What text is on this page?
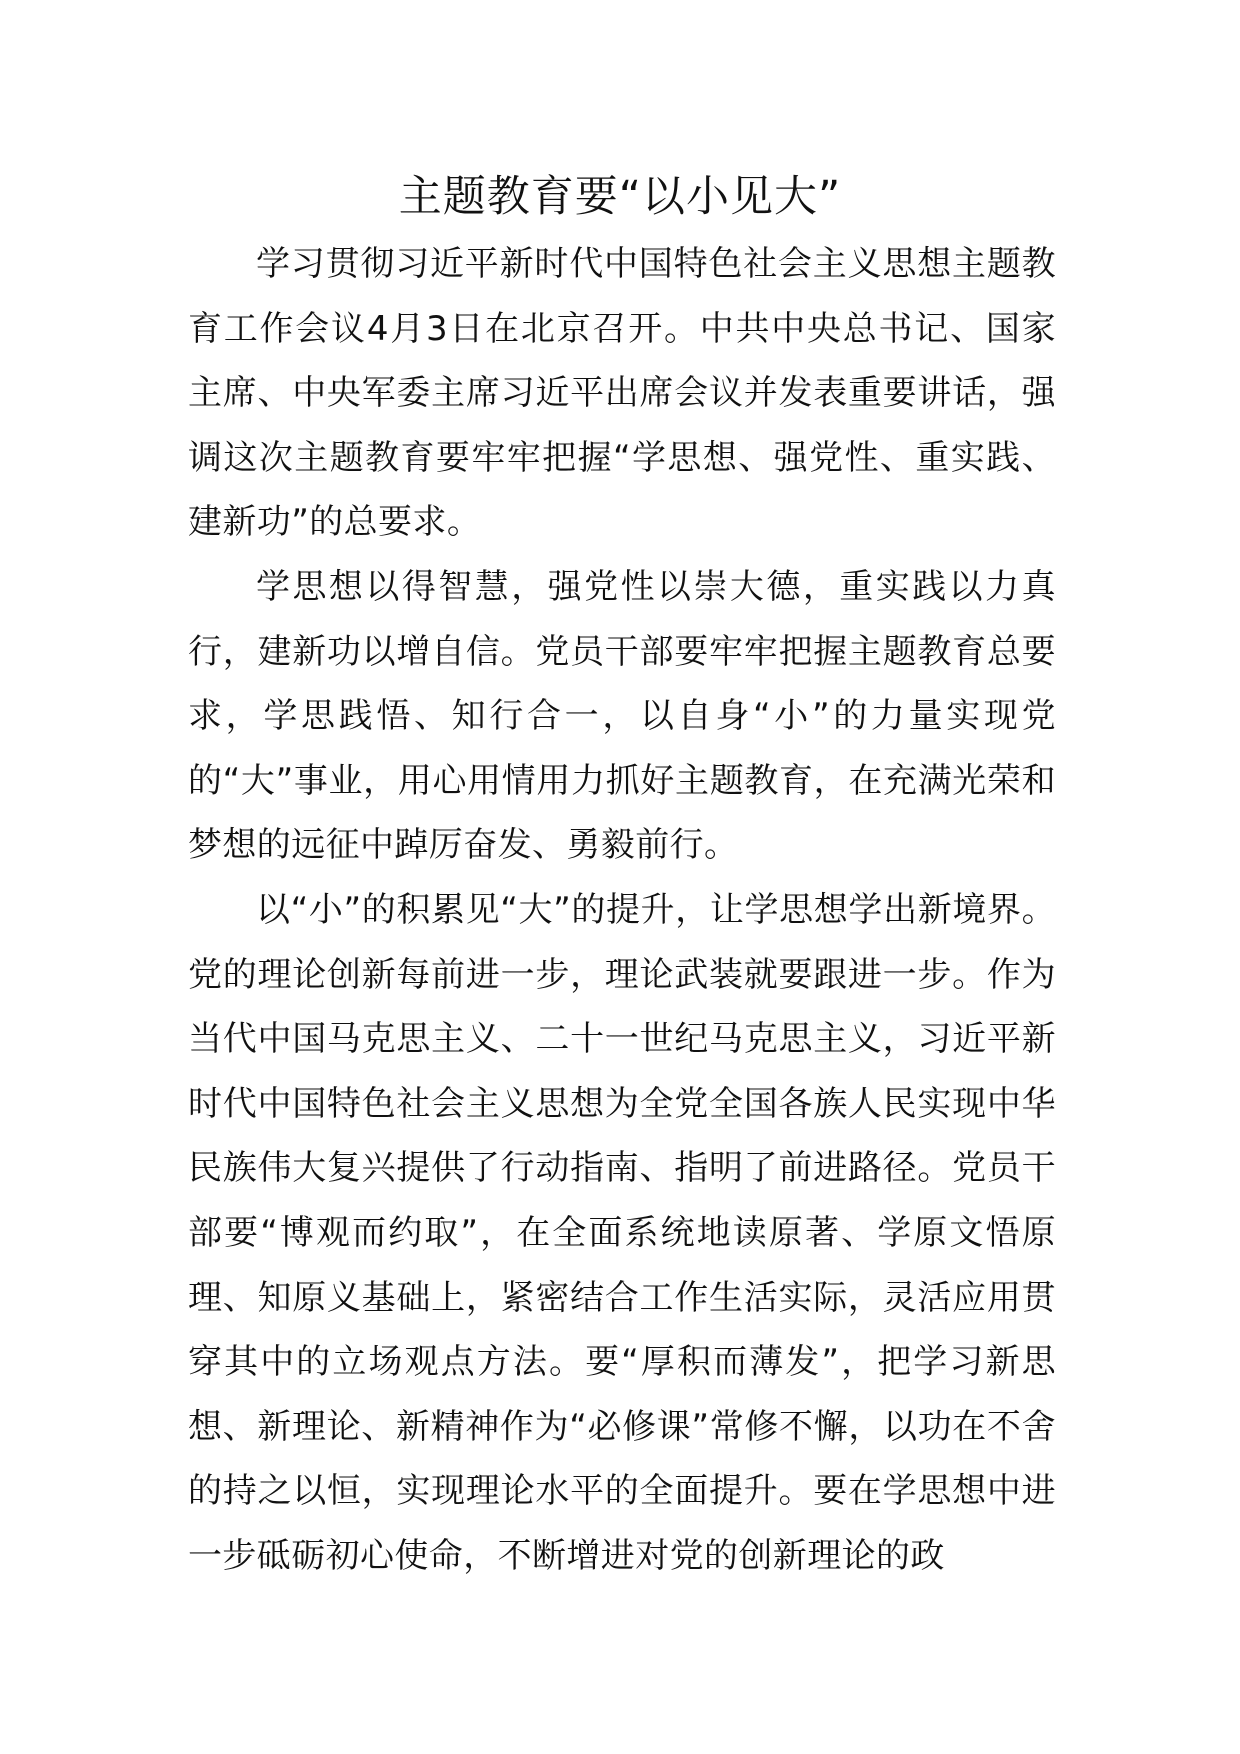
主题教育要“以小见大”

学习贯彻习近平新时代中国特色社会主义思想主题教育工作会议4月3日在北京召开。中共中央总书记、国家主席、中央军委主席习近平出席会议并发表重要讲话，强调这次主题教育要牢牢把握“学思想、强党性、重实践、建新功”的总要求。

学思想以得智慧，强党性以崇大德，重实践以力真行，建新功以增自信。党员干部要牢牢把握主题教育总要求，学思践悟、知行合一，以自身“小”的力量实现党的“大”事业，用心用情用力抓好主题教育，在充满光荣和梦想的远征中踔厉奋发、勇毅前行。

以“小”的积累见“大”的提升，让学思想学出新境界。党的理论创新每前进一步，理论武装就要跟进一步。作为当代中国马克思主义、二十一世纪马克思主义，习近平新时代中国特色社会主义思想为全党全国各族人民实现中华民族伟大复兴提供了行动指南、指明了前进路径。党员干部要“博观而约取”，在全面系统地读原著、学原文悟原理、知原义基础上，紧密结合工作生活实际，灵活应用贯穿其中的立场观点方法。要“厚积而薄发”，把学习新思想、新理论、新精神作为“必修课”常修不懈，以功在不舍的持之以恒，实现理论水平的全面提升。要在学思想中进一步砥砺初心使命，不断增进对党的创新理论的政
